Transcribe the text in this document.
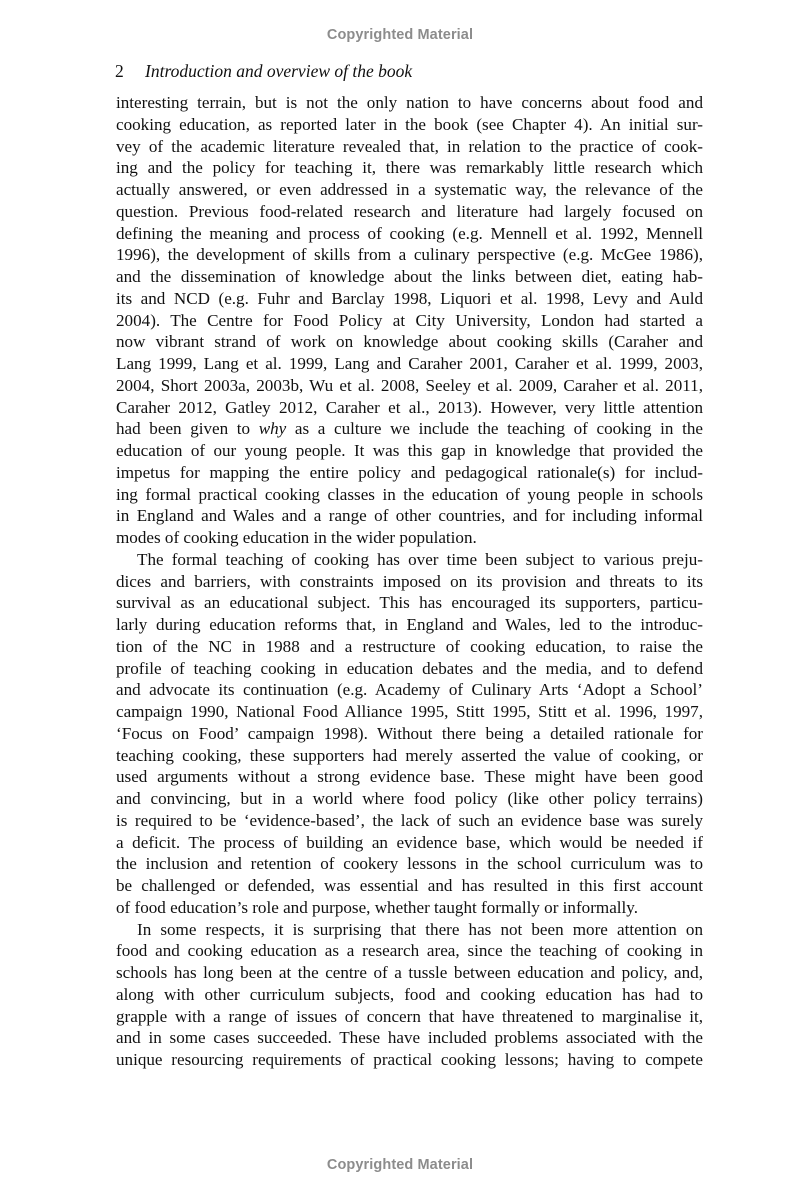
Copyrighted Material
2 Introduction and overview of the book

interesting terrain, but is not the only nation to have concerns about food and
cooking education, as reported later in the book (see Chapter 4). An initial sur-
vey of the academic literature revealed that, in relation to the practice of cook-
ing and the policy for teaching it, there was remarkably little research which
actually answered, or even addressed in a systematic way, the relevance of the
question. Previous food-related research and literature had largely focused on
defining the meaning and process of cooking (e.g. Mennell et al. 1992, Mennell
1996), the development of skills from a culinary perspective (e.g. McGee 1986),
and the dissemination of knowledge about the links between diet, eating hab-
its and NCD (e.g. Fuhr and Barclay 1998, Liquori et al. 1998, Levy and Auld
2004). The Centre for Food Policy at City University, London had started a
now vibrant strand of work on knowledge about cooking skills (Caraher and
Lang 1999, Lang et al. 1999, Lang and Caraher 2001, Caraher et al. 1999, 2003,
2004, Short 2003a, 2003b, Wu et al. 2008, Seeley et al. 2009, Caraher et al. 2011,
Caraher 2012, Gatley 2012, Caraher et al., 2013). However, very little attention
had been given to why as a culture we include the teaching of cooking in the
education of our young people. It was this gap in knowledge that provided the
impetus for mapping the entire policy and pedagogical rationale(s) for includ-
ing formal practical cooking classes in the education of young people in schools
in England and Wales and a range of other countries, and for including informal
modes of cooking education in the wider population.

The formal teaching of cooking has over time been subject to various preju-
dices and barriers, with constraints imposed on its provision and threats to its
survival as an educational subject. This has encouraged its supporters, particu-
larly during education reforms that, in England and Wales, led to the introduc-
tion of the NC in 1988 and a restructure of cooking education, to raise the
profile of teaching cooking in education debates and the media, and to defend
and advocate its continuation (e.g. Academy of Culinary Arts ‘Adopt a School’
campaign 1990, National Food Alliance 1995, Stitt 1995, Stitt et al. 1996, 1997,
‘Focus on Food’ campaign 1998). Without there being a detailed rationale for
teaching cooking, these supporters had merely asserted the value of cooking, or
used arguments without a strong evidence base. These might have been good
and convincing, but in a world where food policy (like other policy terrains)
is required to be ‘evidence-based’, the lack of such an evidence base was surely
a deficit. The process of building an evidence base, which would be needed if
the inclusion and retention of cookery lessons in the school curriculum was to
be challenged or defended, was essential and has resulted in this first account
of food education’s role and purpose, whether taught formally or informally.

In some respects, it is surprising that there has not been more attention on
food and cooking education as a research area, since the teaching of cooking in
schools has long been at the centre of a tussle between education and policy, and,
along with other curriculum subjects, food and cooking education has had to
grapple with a range of issues of concern that have threatened to marginalise it,
and in some cases succeeded. These have included problems associated with the
unique resourcing requirements of practical cooking lessons; having to compete

Copyrighted Material
